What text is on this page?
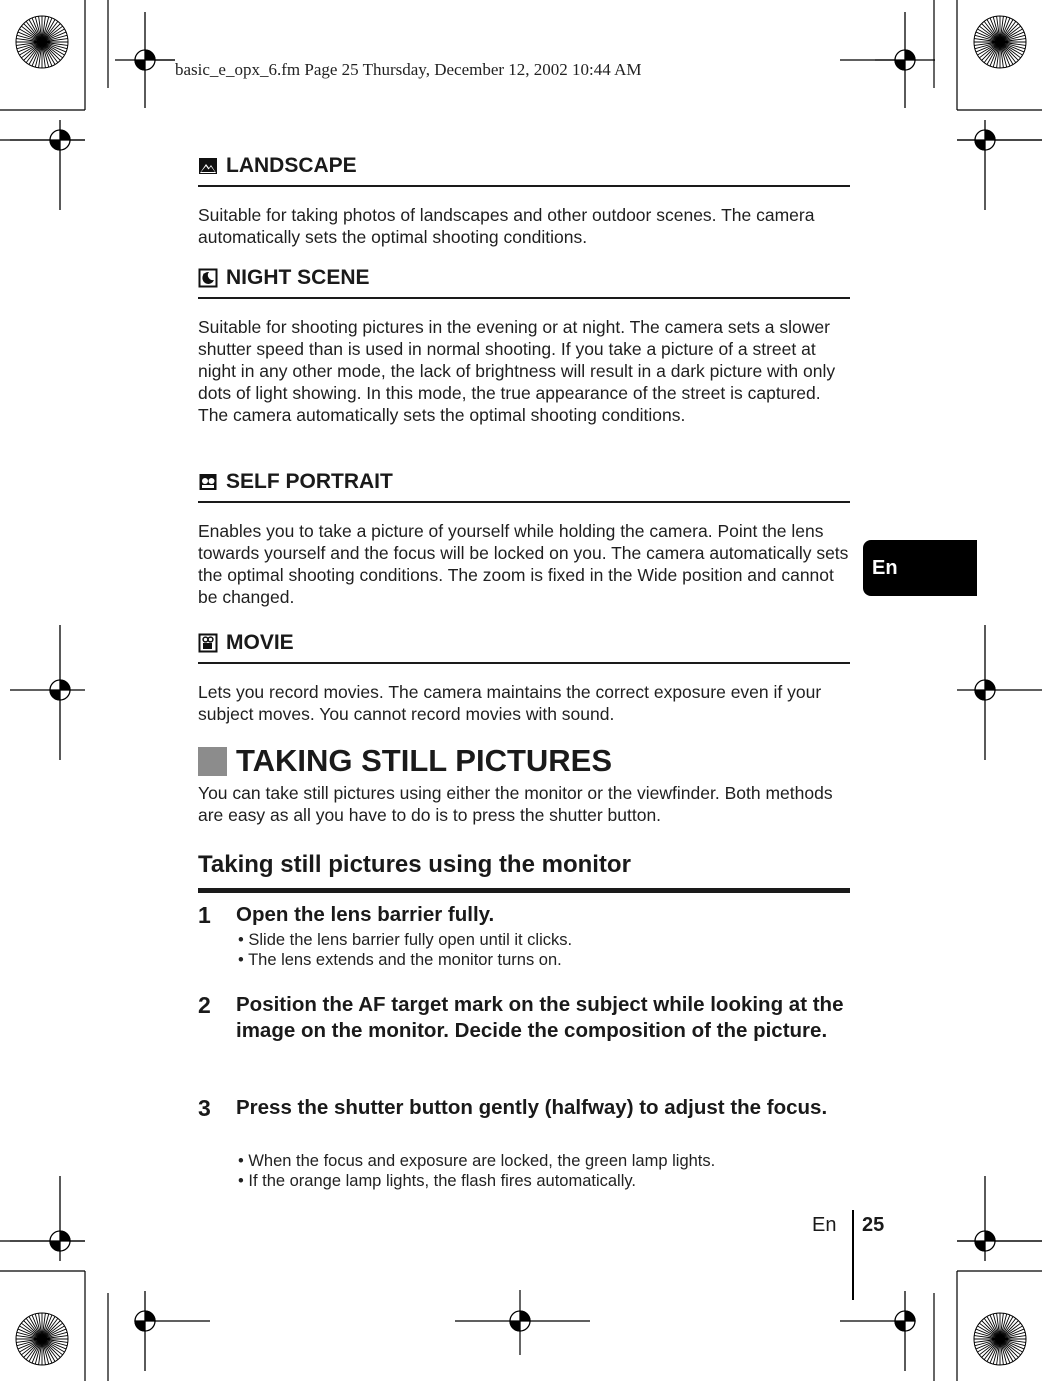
basic_e_opx_6.fm Page 25 Thursday, December 12, 2002 10:44 AM
LANDSCAPE
Suitable for taking photos of landscapes and other outdoor scenes. The camera automatically sets the optimal shooting conditions.
NIGHT SCENE
Suitable for shooting pictures in the evening or at night. The camera sets a slower shutter speed than is used in normal shooting. If you take a picture of a street at night in any other mode, the lack of brightness will result in a dark picture with only dots of light showing. In this mode, the true appearance of the street is captured. The camera automatically sets the optimal shooting conditions.
SELF PORTRAIT
Enables you to take a picture of yourself while holding the camera. Point the lens towards yourself and the focus will be locked on you. The camera automatically sets the optimal shooting conditions. The zoom is fixed in the Wide position and cannot be changed.
MOVIE
Lets you record movies. The camera maintains the correct exposure even if your subject moves. You cannot record movies with sound.
TAKING STILL PICTURES
You can take still pictures using either the monitor or the viewfinder. Both methods are easy as all you have to do is to press the shutter button.
Taking still pictures using the monitor
1 Open the lens barrier fully.
• Slide the lens barrier fully open until it clicks.
• The lens extends and the monitor turns on.
2 Position the AF target mark on the subject while looking at the image on the monitor. Decide the composition of the picture.
3 Press the shutter button gently (halfway) to adjust the focus.
• When the focus and exposure are locked, the green lamp lights.
• If the orange lamp lights, the flash fires automatically.
En
En 25
